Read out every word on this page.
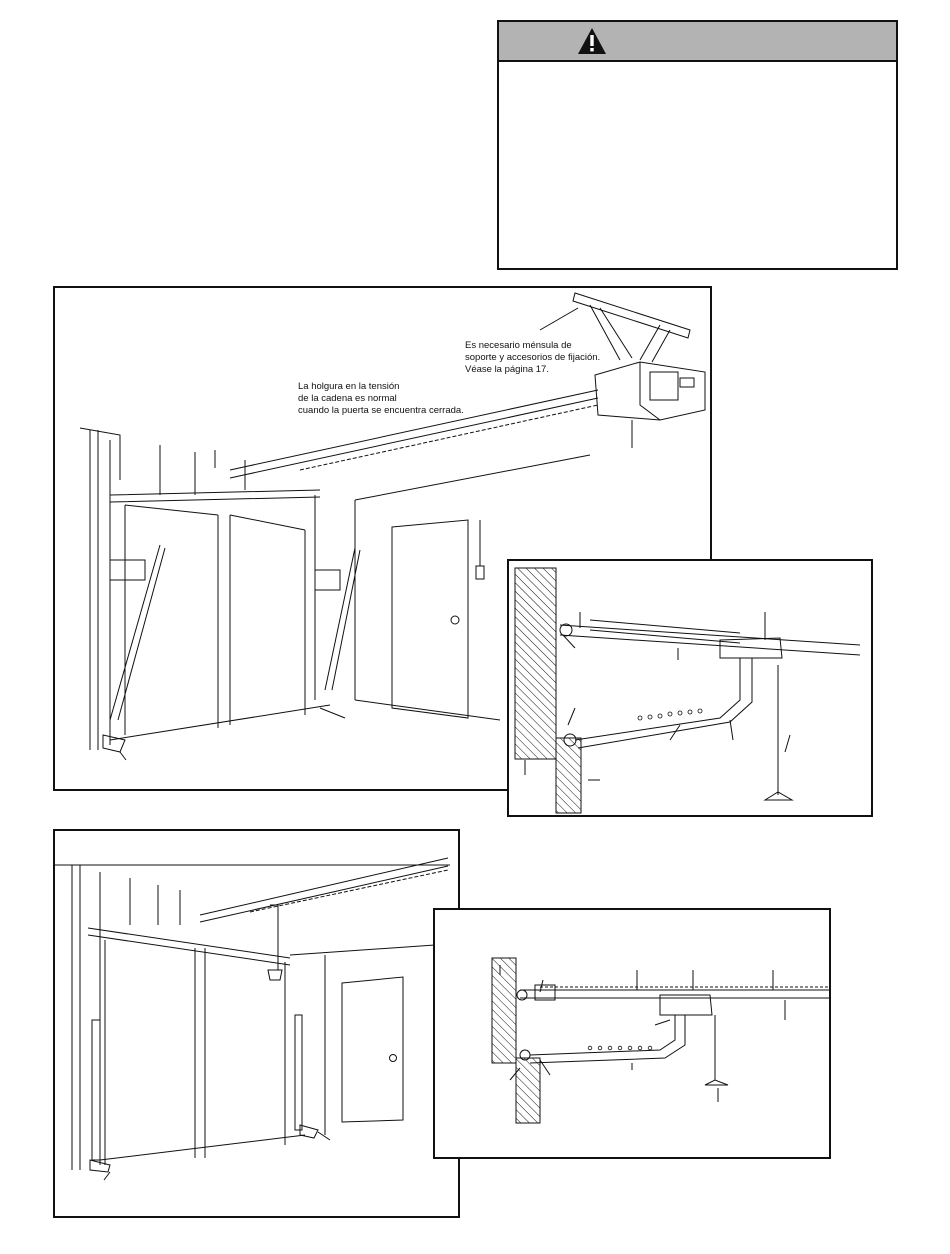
Es necesario ménsula de
soporte y accesorios de fijación.
Véase la página 17.
La holgura en la tensión
de la cadena es normal
cuando la puerta se encuentra cerrada.
